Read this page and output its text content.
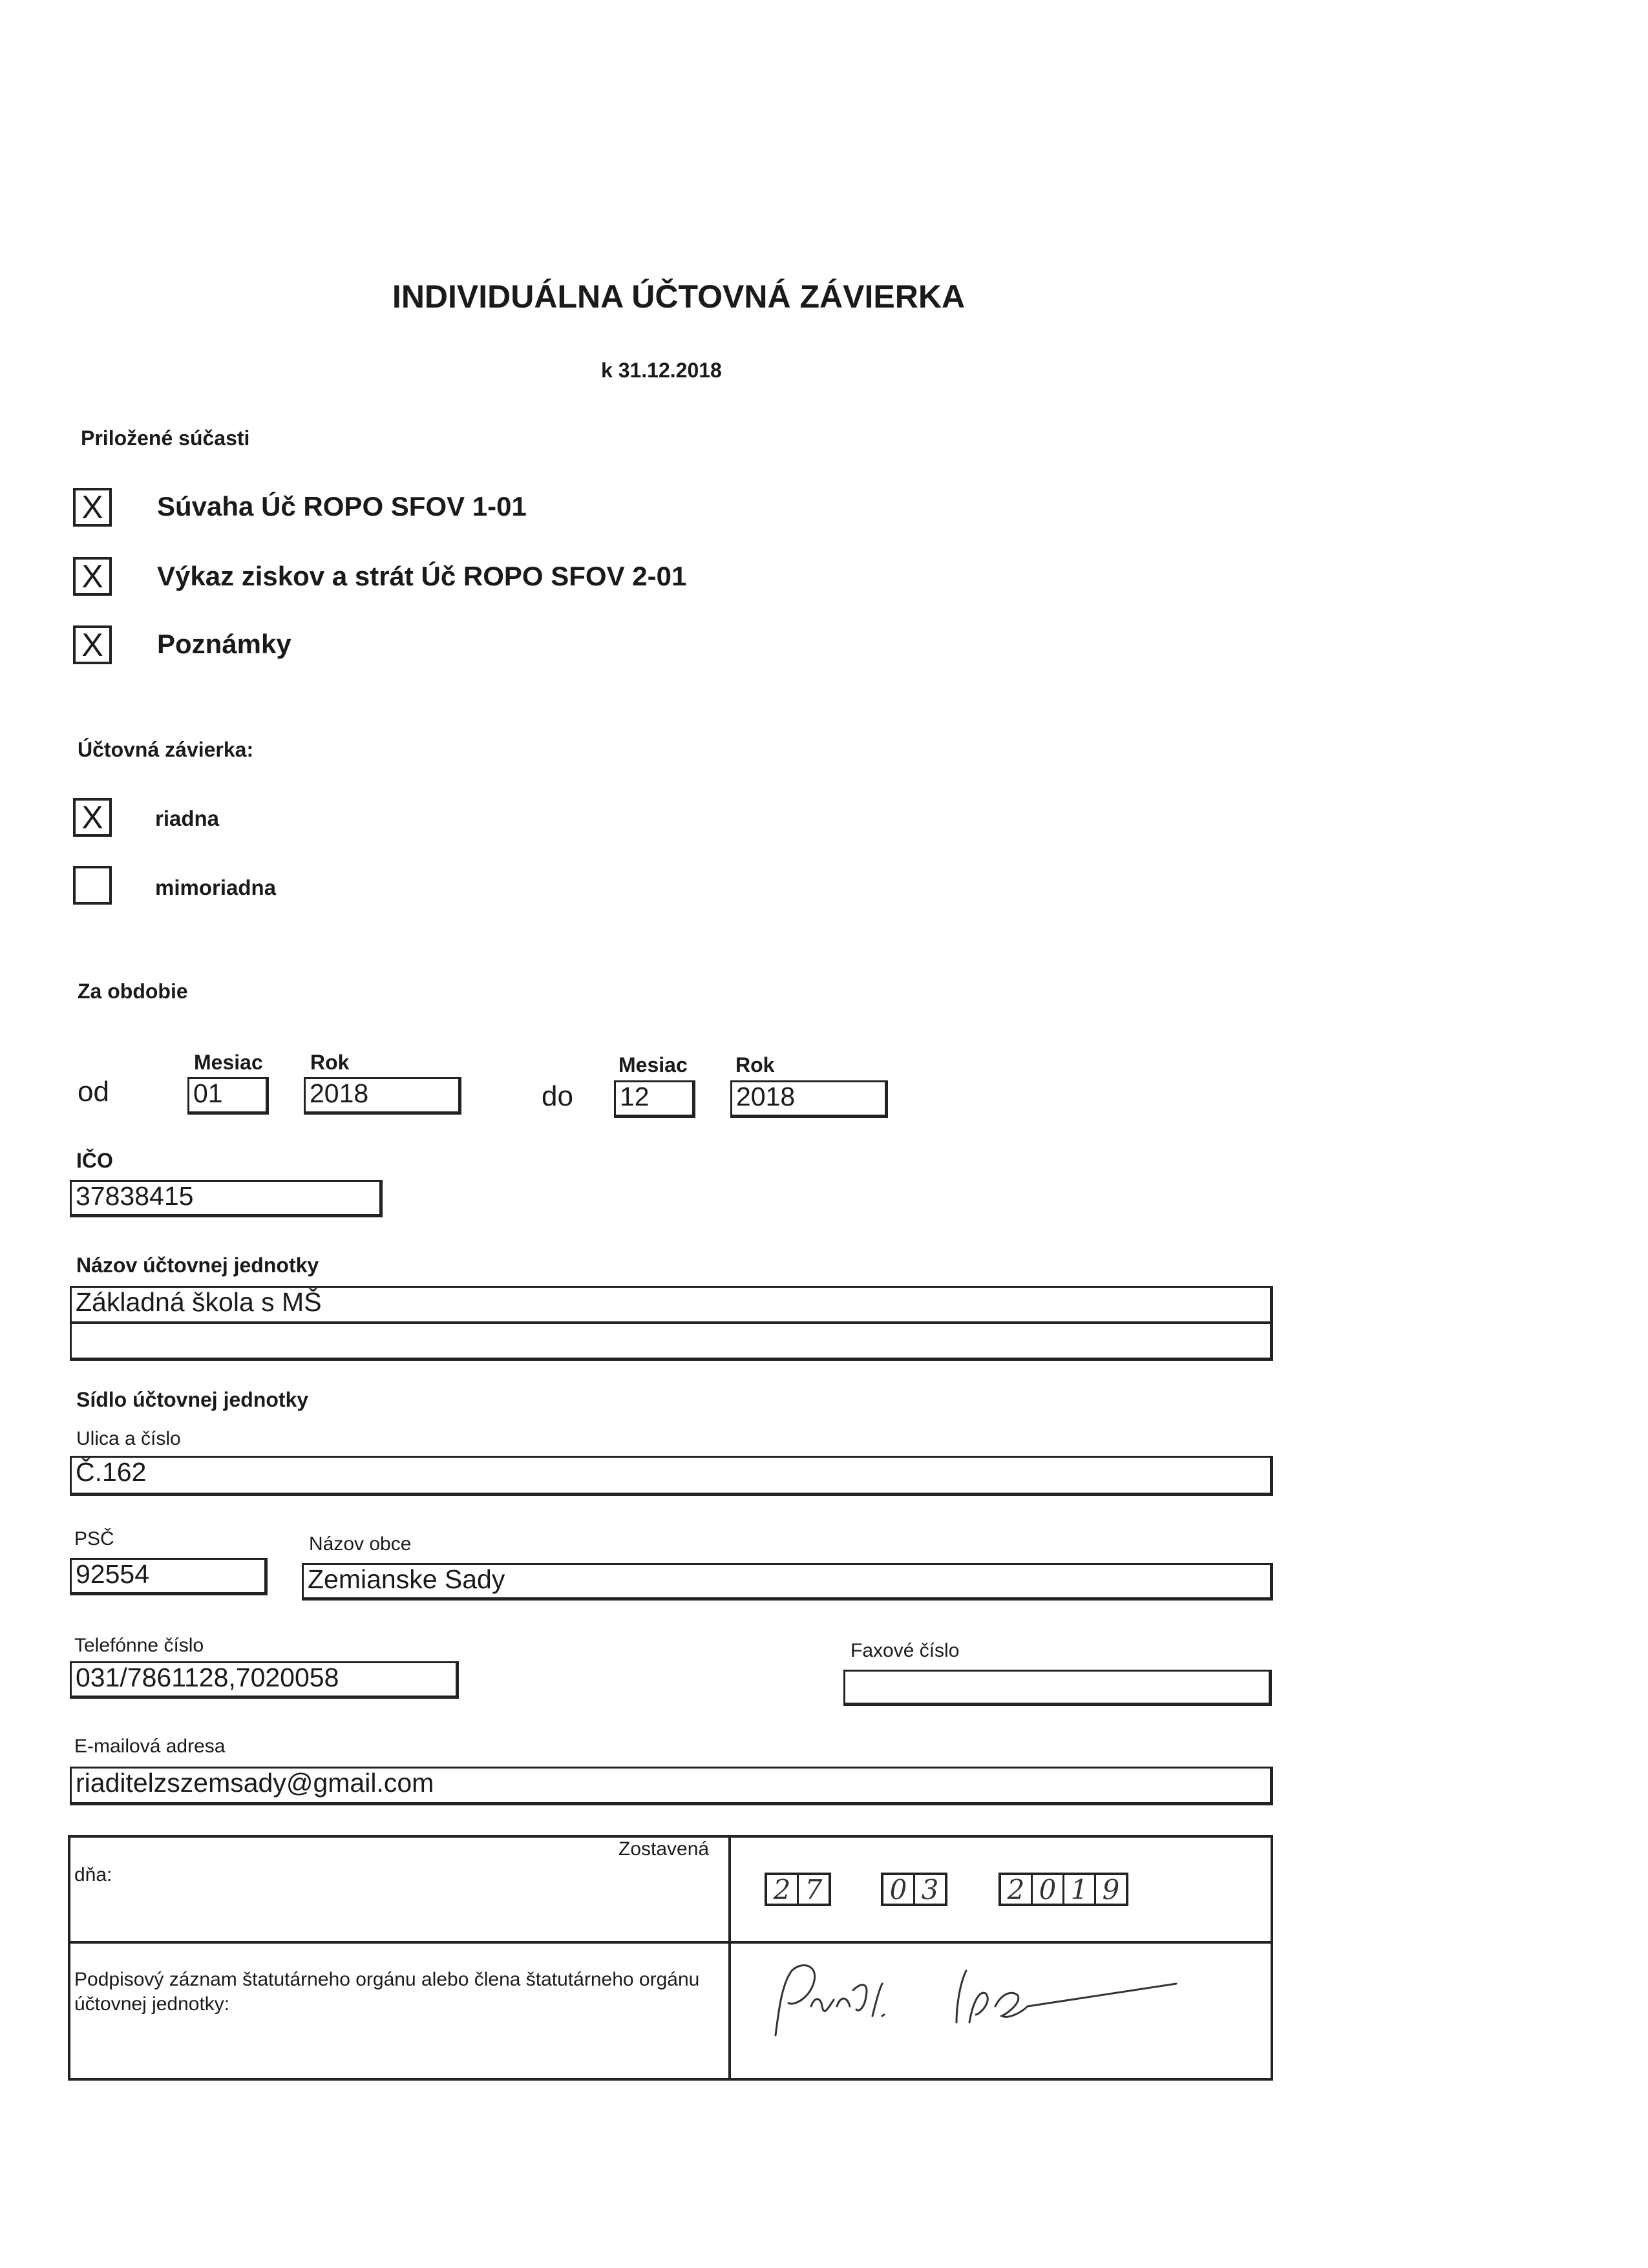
INDIVIDUÁLNA ÚČTOVNÁ ZÁVIERKA
k 31.12.2018
Priložené súčasti
X	Súvaha Úč ROPO SFOV 1-01
X	Výkaz ziskov a strát Úč ROPO SFOV 2-01
X	Poznámky
Účtovná závierka:
X	riadna
mimoriadna
Za obdobie
Mesiac Rok	Mesiac Rok
od	01	2018	do 12	2018
IČO
37838415
Názov účtovnej jednotky
Základná škola s MŠ
Sídlo účtovnej jednotky
Ulica a číslo
Č.162
PSČ	Názov obce
92554	Zemianske Sady
Telefónne číslo
031/7861128,7020058
Faxové číslo
E-mailová adresa
riaditelzszemsady@gmail.com
Zostavená
dňa:	2 7	0 3	2 0 1 9
Podpisový záznam štatutárneho orgánu alebo člena štatutárneho orgánu účtovnej jednotky:
